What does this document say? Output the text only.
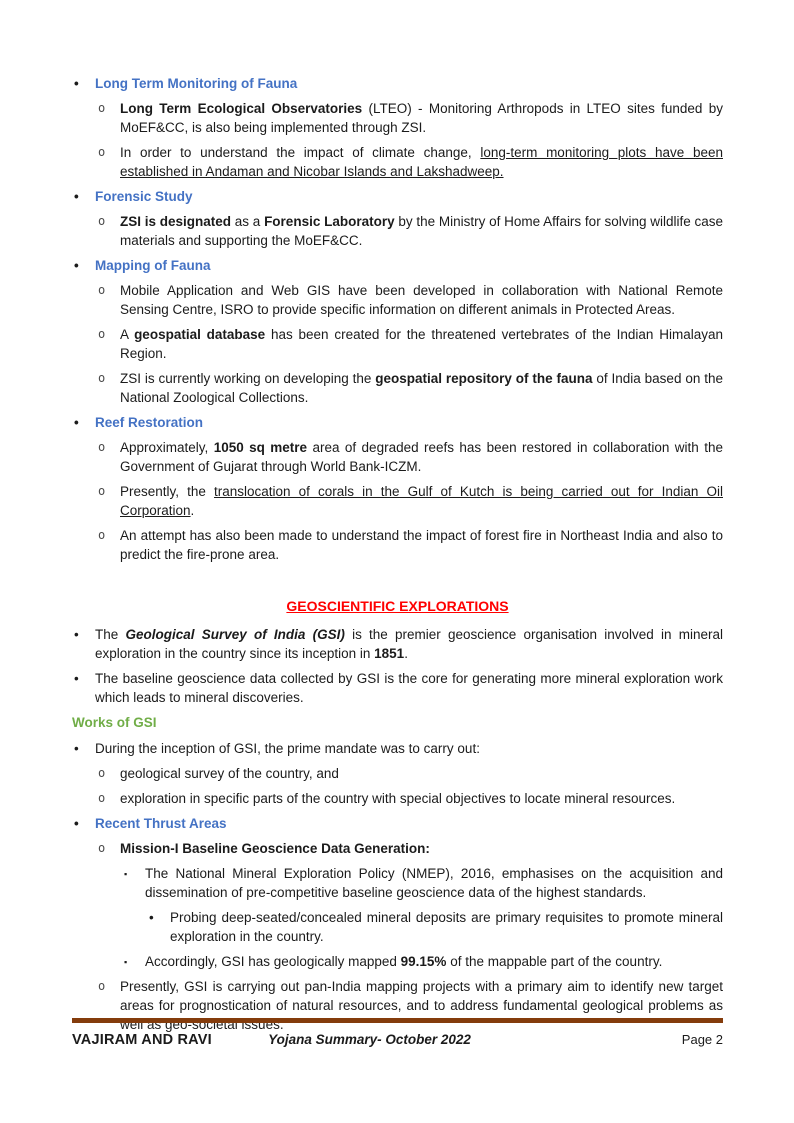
• Long Term Monitoring of Fauna
o Long Term Ecological Observatories (LTEO) - Monitoring Arthropods in LTEO sites funded by MoEF&CC, is also being implemented through ZSI.
o In order to understand the impact of climate change, long-term monitoring plots have been established in Andaman and Nicobar Islands and Lakshadweep.
• Forensic Study
o ZSI is designated as a Forensic Laboratory by the Ministry of Home Affairs for solving wildlife case materials and supporting the MoEF&CC.
• Mapping of Fauna
o Mobile Application and Web GIS have been developed in collaboration with National Remote Sensing Centre, ISRO to provide specific information on different animals in Protected Areas.
o A geospatial database has been created for the threatened vertebrates of the Indian Himalayan Region.
o ZSI is currently working on developing the geospatial repository of the fauna of India based on the National Zoological Collections.
• Reef Restoration
o Approximately, 1050 sq metre area of degraded reefs has been restored in collaboration with the Government of Gujarat through World Bank-ICZM.
o Presently, the translocation of corals in the Gulf of Kutch is being carried out for Indian Oil Corporation.
o An attempt has also been made to understand the impact of forest fire in Northeast India and also to predict the fire-prone area.
GEOSCIENTIFIC EXPLORATIONS
• The Geological Survey of India (GSI) is the premier geoscience organisation involved in mineral exploration in the country since its inception in 1851.
• The baseline geoscience data collected by GSI is the core for generating more mineral exploration work which leads to mineral discoveries.
Works of GSI
• During the inception of GSI, the prime mandate was to carry out:
o geological survey of the country, and
o exploration in specific parts of the country with special objectives to locate mineral resources.
• Recent Thrust Areas
o Mission-I Baseline Geoscience Data Generation:
▪ The National Mineral Exploration Policy (NMEP), 2016, emphasises on the acquisition and dissemination of pre-competitive baseline geoscience data of the highest standards.
• Probing deep-seated/concealed mineral deposits are primary requisites to promote mineral exploration in the country.
▪ Accordingly, GSI has geologically mapped 99.15% of the mappable part of the country.
o Presently, GSI is carrying out pan-India mapping projects with a primary aim to identify new target areas for prognostication of natural resources, and to address fundamental geological problems as well as geo-societal issues.
VAJIRAM AND RAVI	Yojana Summary- October 2022	Page 2
